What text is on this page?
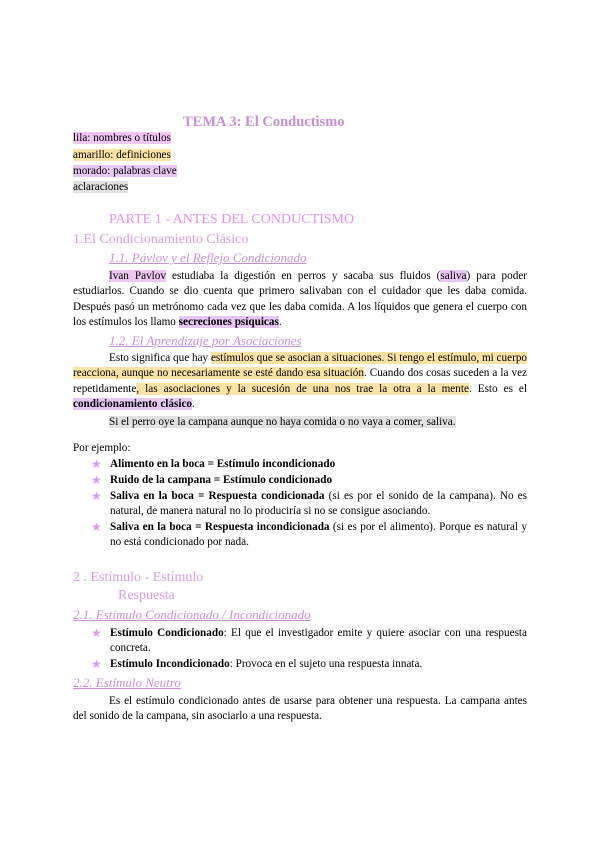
TEMA 3: El Conductismo
lila: nombres o títulos
amarillo: definiciones
morado: palabras clave
aclaraciones
PARTE 1 - ANTES DEL CONDUCTISMO
1.El Condicionamiento Clásico
1.1. Pávlov y el Reflejo Condicionado
Ivan Pavlov estudiaba la digestión en perros y sacaba sus fluidos (saliva) para poder estudiarlos. Cuando se dio cuenta que primero salivaban con el cuidador que les daba comida. Después pasó un metrónomo cada vez que les daba comida. A los líquidos que genera el cuerpo con los estímulos los llamo secreciones psíquicas.
1.2. El Aprendizaje por Asociaciones
Esto significa que hay estímulos que se asocian a situaciones. Si tengo el estímulo, mi cuerpo reacciona, aunque no necesariamente se esté dando esa situación. Cuando dos cosas suceden a la vez repetidamente, las asociaciones y la sucesión de una nos trae la otra a la mente. Esto es el condicionamiento clásico.
Si el perro oye la campana aunque no haya comida o no vaya a comer, saliva.
Por ejemplo:
★ Alimento en la boca = Estímulo incondicionado
★ Ruido de la campana = Estímulo condicionado
★ Saliva en la boca = Respuesta condicionada (si es por el sonido de la campana). No es natural, de manera natural no lo produciría si no se consigue asociando.
★ Saliva en la boca = Respuesta incondicionada (si es por el alimento). Porque es natural y no está condicionado por nada.
2 . Estímulo - Estímulo
Respuesta
2.1. Estímulo Condicionado / Incondicionado
★ Estímulo Condicionado: El que el investigador emite y quiere asociar con una respuesta concreta.
★ Estímulo Incondicionado: Provoca en el sujeto una respuesta innata.
2.2. Estímulo Neutro
Es el estímulo condicionado antes de usarse para obtener una respuesta. La campana antes del sonido de la campana, sin asociarlo a una respuesta.
